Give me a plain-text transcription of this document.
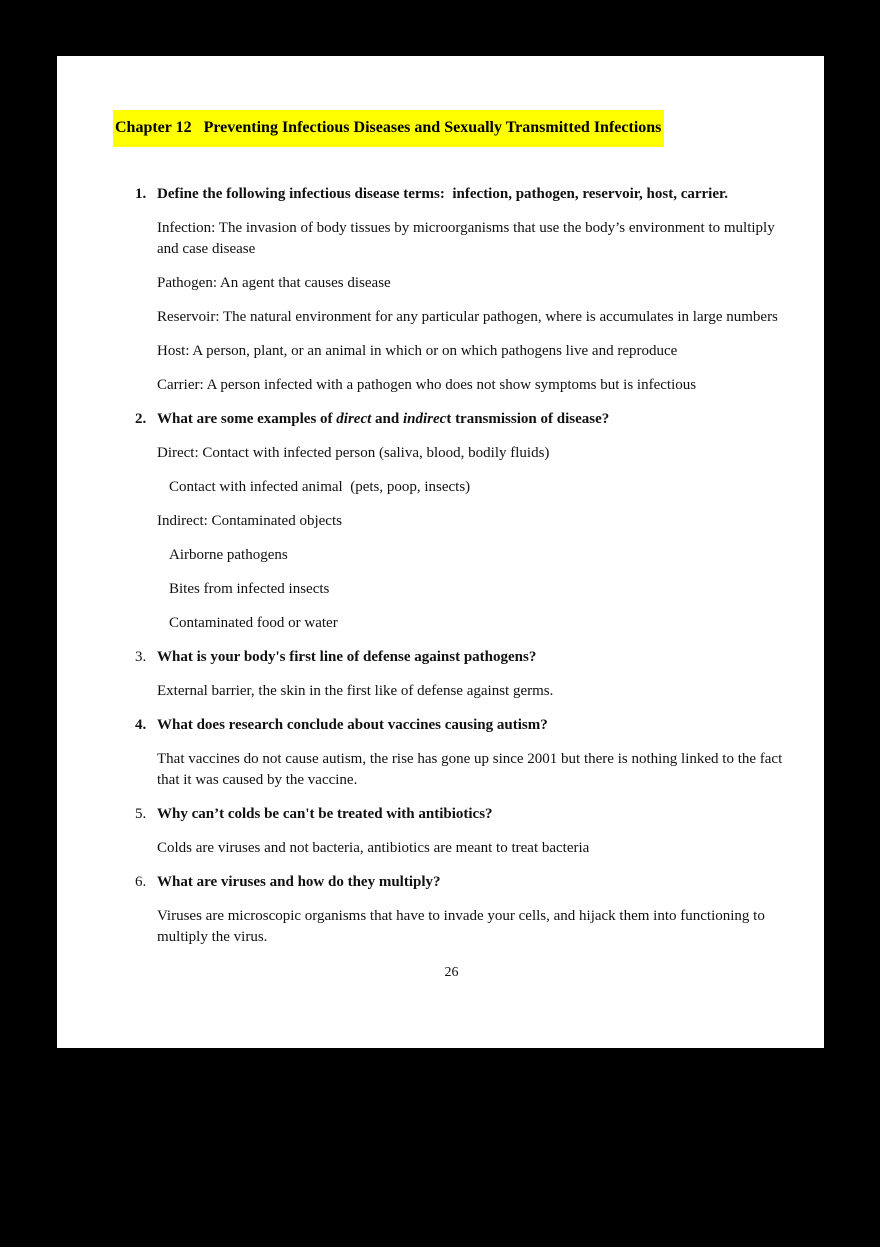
Chapter 12   Preventing Infectious Diseases and Sexually Transmitted Infections
1. Define the following infectious disease terms:  infection, pathogen, reservoir, host, carrier.
Infection: The invasion of body tissues by microorganisms that use the body’s environment to multiply and case disease
Pathogen: An agent that causes disease
Reservoir: The natural environment for any particular pathogen, where is accumulates in large numbers
Host: A person, plant, or an animal in which or on which pathogens live and reproduce
Carrier: A person infected with a pathogen who does not show symptoms but is infectious
2. What are some examples of direct and indirect transmission of disease?
Direct: Contact with infected person (saliva, blood, bodily fluids)
Contact with infected animal  (pets, poop, insects)
Indirect: Contaminated objects
Airborne pathogens
Bites from infected insects
Contaminated food or water
3. What is your body's first line of defense against pathogens?
External barrier, the skin in the first like of defense against germs.
4. What does research conclude about vaccines causing autism?
That vaccines do not cause autism, the rise has gone up since 2001 but there is nothing linked to the fact that it was caused by the vaccine.
5. Why can’t colds be can't be treated with antibiotics?
Colds are viruses and not bacteria, antibiotics are meant to treat bacteria
6. What are viruses and how do they multiply?
Viruses are microscopic organisms that have to invade your cells, and hijack them into functioning to multiply the virus.
26
